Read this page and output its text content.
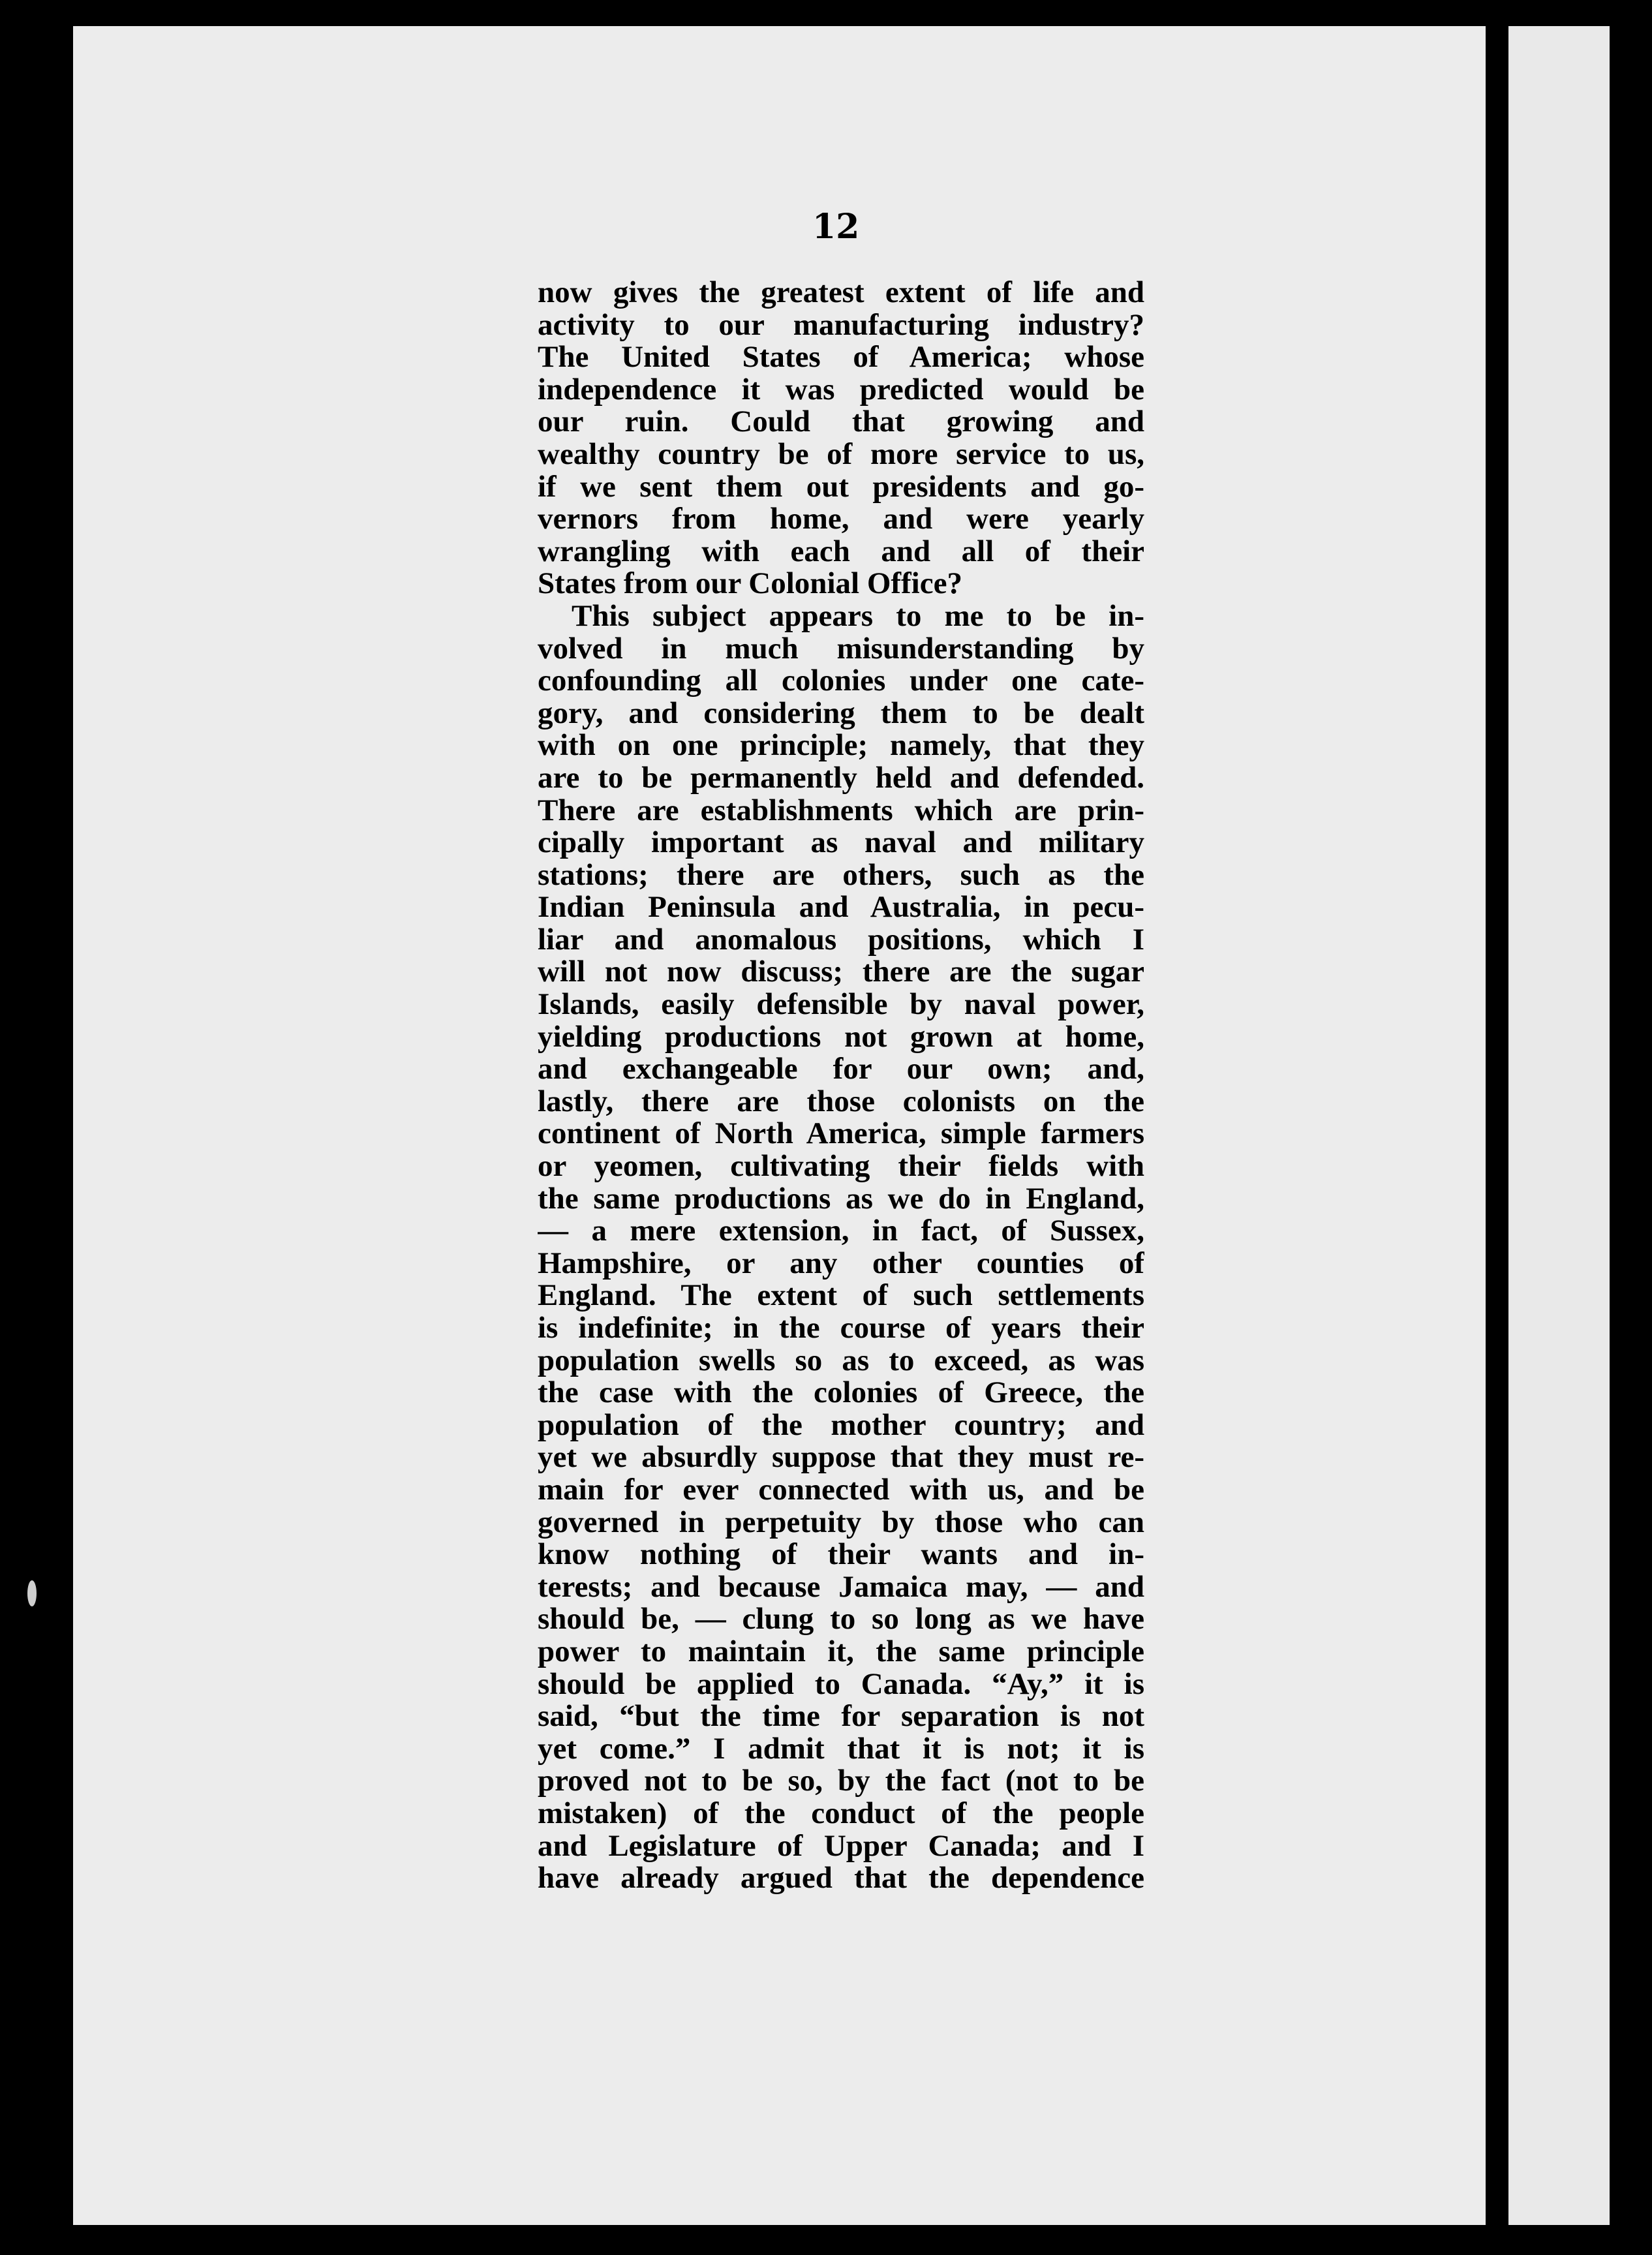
12
now gives the greatest extent of life and
activity to our manufacturing industry?
The United States of America; whose
independence it was predicted would be
our ruin. Could that growing and
wealthy country be of more service to us,
if we sent them out presidents and go-
vernors from home, and were yearly
wrangling with each and all of their
States from our Colonial Office?
This subject appears to me to be in-
volved in much misunderstanding by
confounding all colonies under one cate-
gory, and considering them to be dealt
with on one principle; namely, that they
are to be permanently held and defended.
There are establishments which are prin-
cipally important as naval and military
stations; there are others, such as the
Indian Peninsula and Australia, in pecu-
liar and anomalous positions, which I
will not now discuss; there are the sugar
Islands, easily defensible by naval power,
yielding productions not grown at home,
and exchangeable for our own; and,
lastly, there are those colonists on the
continent of North America, simple farmers
or yeomen, cultivating their fields with
the same productions as we do in England,
— a mere extension, in fact, of Sussex,
Hampshire, or any other counties of
England. The extent of such settlements
is indefinite; in the course of years their
population swells so as to exceed, as was
the case with the colonies of Greece, the
population of the mother country; and
yet we absurdly suppose that they must re-
main for ever connected with us, and be
governed in perpetuity by those who can
know nothing of their wants and in-
terests; and because Jamaica may, — and
should be, — clung to so long as we have
power to maintain it, the same principle
should be applied to Canada. “Ay,” it is
said, “but the time for separation is not
yet come.” I admit that it is not; it is
proved not to be so, by the fact (not to be
mistaken) of the conduct of the people
and Legislature of Upper Canada; and I
have already argued that the dependence
